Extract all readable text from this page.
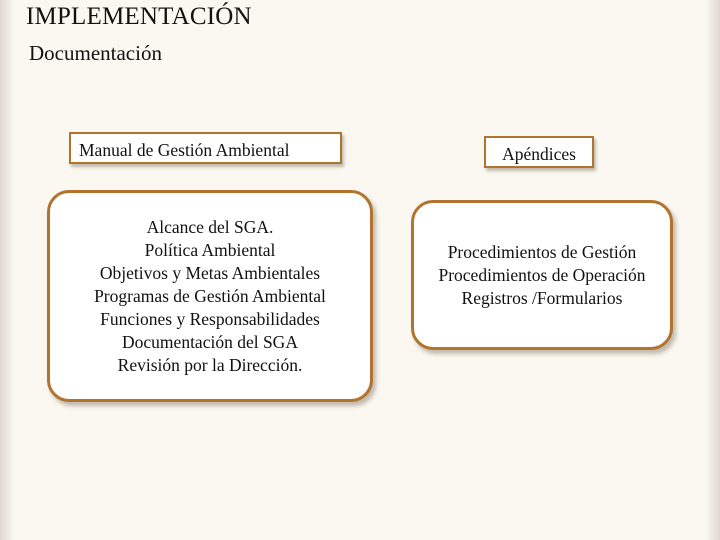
IMPLEMENTACIÓN
Documentación
Manual de Gestión Ambiental	Apéndices
Alcance del SGA.
Política Ambiental
Objetivos y Metas Ambientales
Programas de Gestión Ambiental
Funciones y Responsabilidades
Documentación del SGA
Revisión por la Dirección.
Procedimientos de Gestión
Procedimientos de Operación
Registros /Formularios
